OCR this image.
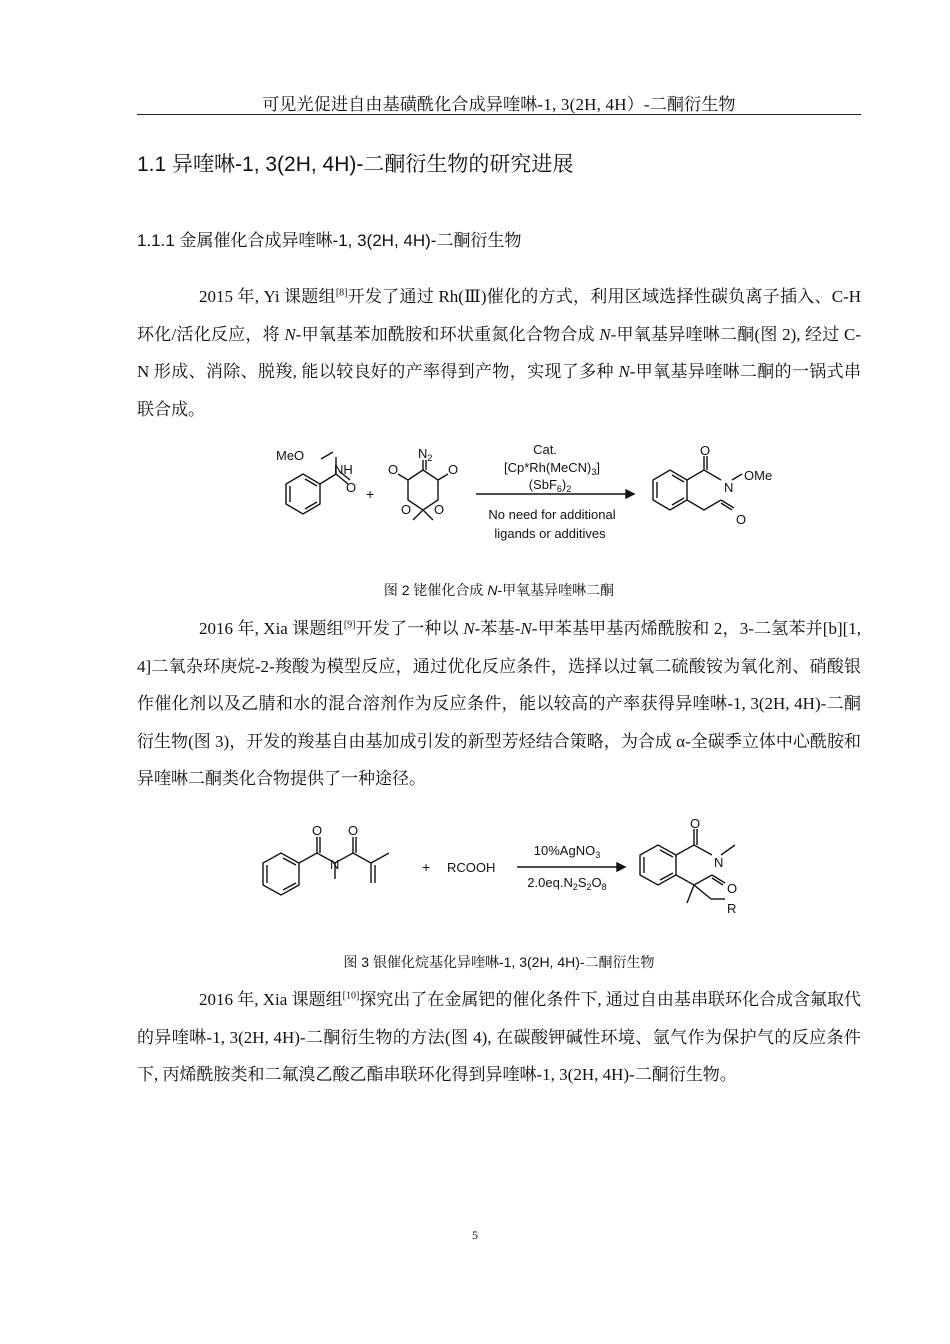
可见光促进自由基磺酰化合成异喹啉-1, 3(2H, 4H）-二酮衍生物
1.1 异喹啉-1, 3(2H, 4H)-二酮衍生物的研究进展
1.1.1 金属催化合成异喹啉-1, 3(2H, 4H)-二酮衍生物

2015 年, Yi 课题组[8]开发了通过 Rh(Ⅲ)催化的方式，利用区域选择性碳负离子插入、C-H 环化/活化反应，将 N-甲氧基苯加酰胺和环状重氮化合物合成 N-甲氧基异喹啉二酮(图 2), 经过 C-N 形成、消除、脱羧, 能以较良好的产率得到产物，实现了多种 N-甲氧基异喹啉二酮的一锅式串联合成。

MeO
NH
O +
$N_2$
O	O
O O
Cat.
$[Cp*Rh(MeCN)_3]$
$(SbF_6)_2$
No need for additional
ligands or additives
O
N
OMe
O
图 2 铑催化合成 N-甲氧基异喹啉二酮

2016 年, Xia 课题组[9]开发了一种以 N-苯基-N-甲苯基甲基丙烯酰胺和 2，3-二氢苯并[b][1, 4]二氧杂环庚烷-2-羧酸为模型反应，通过优化反应条件，选择以过氧二硫酸铵为氧化剂、硝酸银作催化剂以及乙腈和水的混合溶剂作为反应条件，能以较高的产率获得异喹啉-1, 3(2H, 4H)-二酮衍生物(图 3)，开发的羧基自由基加成引发的新型芳烃结合策略，为合成 α-全碳季立体中心酰胺和异喹啉二酮类化合物提供了一种途径。

O O
N	+ RCOOH
10%AgNO$_3$
$2.0eq.N_2S_2O_8$
O
N
O
R
图 3 银催化烷基化异喹啉-1, 3(2H, 4H)-二酮衍生物

2016 年, Xia 课题组[10]探究出了在金属钯的催化条件下, 通过自由基串联环化合成含氟取代的异喹啉-1, 3(2H, 4H)-二酮衍生物的方法(图 4), 在碳酸钾碱性环境、氩气作为保护气的反应条件下, 丙烯酰胺类和二氟溴乙酸乙酯串联环化得到异喹啉-1, 3(2H, 4H)-二酮衍生物。

5
